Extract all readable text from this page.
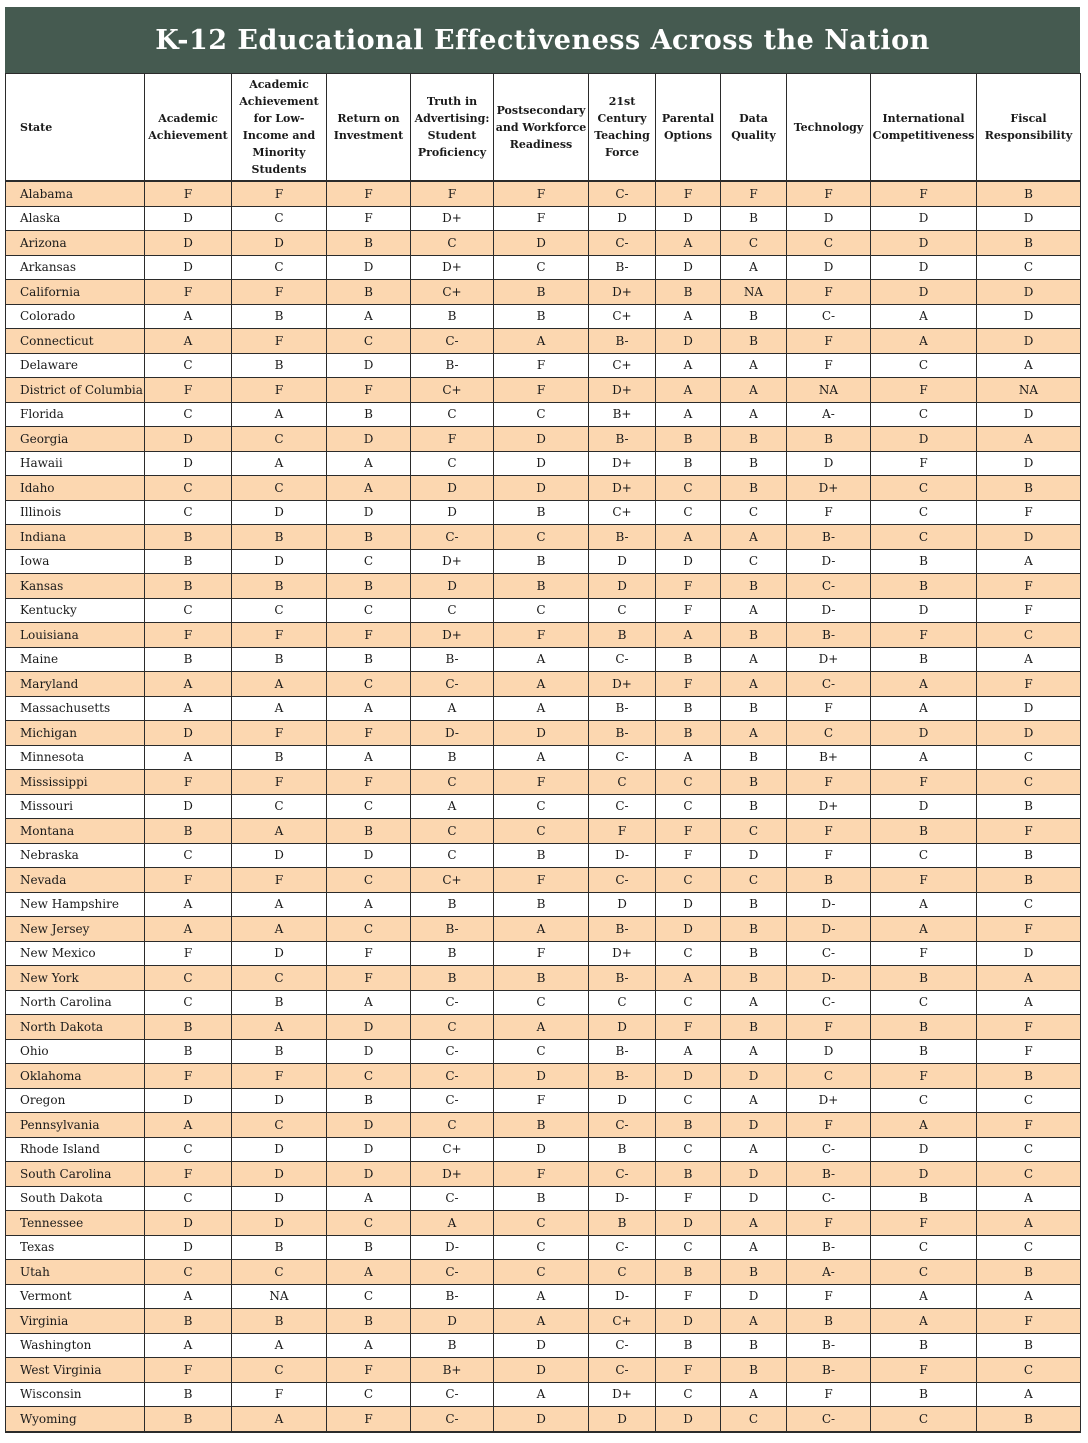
K-12 Educational Effectiveness Across the Nation
State	Academic Achievement	Academic Achievement for Low-Income and Minority Students	Return on Investment	Truth in Advertising: Student Proficiency	Postsecondary and Workforce Readiness	21st Century Teaching Force	Parental Options	Data Quality	Technology	International Competitiveness	Fiscal Responsibility
Alabama	F	F	F	F	F	C-	F	F	F	F	B
Alaska	D	C	F	D+	F	D	D	B	D	D	D
Arizona	D	D	B	C	D	C-	A	C	C	D	B
Arkansas	D	C	D	D+	C	B-	D	A	D	D	C
California	F	F	B	C+	B	D+	B	NA	F	D	D
Colorado	A	B	A	B	B	C+	A	B	C-	A	D
Connecticut	A	F	C	C-	A	B-	D	B	F	A	D
Delaware	C	B	D	B-	F	C+	A	A	F	C	A
District of Columbia	F	F	F	C+	F	D+	A	A	NA	F	NA
Florida	C	A	B	C	C	B+	A	A	A-	C	D
Georgia	D	C	D	F	D	B-	B	B	B	D	A
Hawaii	D	A	A	C	D	D+	B	B	D	F	D
Idaho	C	C	A	D	D	D+	C	B	D+	C	B
Illinois	C	D	D	D	B	C+	C	C	F	C	F
Indiana	B	B	B	C-	C	B-	A	A	B-	C	D
Iowa	B	D	C	D+	B	D	D	C	D-	B	A
Kansas	B	B	B	D	B	D	F	B	C-	B	F
Kentucky	C	C	C	C	C	C	F	A	D-	D	F
Louisiana	F	F	F	D+	F	B	A	B	B-	F	C
Maine	B	B	B	B-	A	C-	B	A	D+	B	A
Maryland	A	A	C	C-	A	D+	F	A	C-	A	F
Massachusetts	A	A	A	A	A	B-	B	B	F	A	D
Michigan	D	F	F	D-	D	B-	B	A	C	D	D
Minnesota	A	B	A	B	A	C-	A	B	B+	A	C
Mississippi	F	F	F	C	F	C	C	B	F	F	C
Missouri	D	C	C	A	C	C-	C	B	D+	D	B
Montana	B	A	B	C	C	F	F	C	F	B	F
Nebraska	C	D	D	C	B	D-	F	D	F	C	B
Nevada	F	F	C	C+	F	C-	C	C	B	F	B
New Hampshire	A	A	A	B	B	D	D	B	D-	A	C
New Jersey	A	A	C	B-	A	B-	D	B	D-	A	F
New Mexico	F	D	F	B	F	D+	C	B	C-	F	D
New York	C	C	F	B	B	B-	A	B	D-	B	A
North Carolina	C	B	A	C-	C	C	C	A	C-	C	A
North Dakota	B	A	D	C	A	D	F	B	F	B	F
Ohio	B	B	D	C-	C	B-	A	A	D	B	F
Oklahoma	F	F	C	C-	D	B-	D	D	C	F	B
Oregon	D	D	B	C-	F	D	C	A	D+	C	C
Pennsylvania	A	C	D	C	B	C-	B	D	F	A	F
Rhode Island	C	D	D	C+	D	B	C	A	C-	D	C
South Carolina	F	D	D	D+	F	C-	B	D	B-	D	C
South Dakota	C	D	A	C-	B	D-	F	D	C-	B	A
Tennessee	D	D	C	A	C	B	D	A	F	F	A
Texas	D	B	B	D-	C	C-	C	A	B-	C	C
Utah	C	C	A	C-	C	C	B	B	A-	C	B
Vermont	A	NA	C	B-	A	D-	F	D	F	A	A
Virginia	B	B	B	D	A	C+	D	A	B	A	F
Washington	A	A	A	B	D	C-	B	B	B-	B	B
West Virginia	F	C	F	B+	D	C-	F	B	B-	F	C
Wisconsin	B	F	C	C-	A	D+	C	A	F	B	A
Wyoming	B	A	F	C-	D	D	D	C	C-	C	B
